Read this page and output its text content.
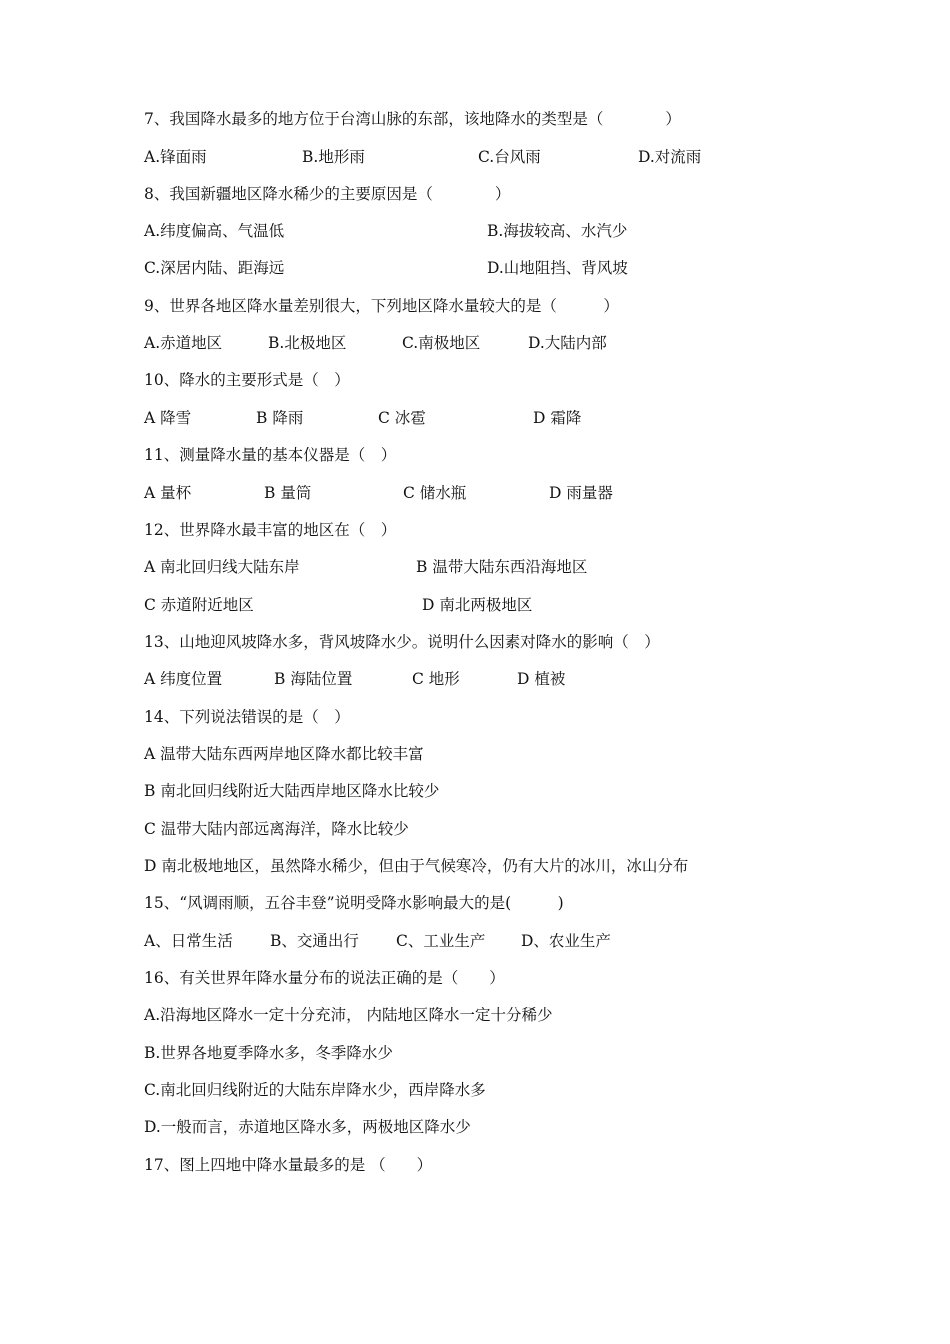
7、我国降水最多的地方位于台湾山脉的东部，该地降水的类型是（　　　　）
A.锋面雨	B.地形雨	C.台风雨	D.对流雨
8、我国新疆地区降水稀少的主要原因是（　　　　）
A.纬度偏高、气温低	B.海拔较高、水汽少
C.深居内陆、距海远	D.山地阻挡、背风坡
9、世界各地区降水量差别很大，下列地区降水量较大的是（　　　）
A.赤道地区	B.北极地区	C.南极地区	D.大陆内部
10、降水的主要形式是（　）
A 降雪	B 降雨	C 冰雹	D 霜降
11、测量降水量的基本仪器是（　）
A 量杯	B 量筒	C 储水瓶	D 雨量器
12、世界降水最丰富的地区在（　）
A 南北回归线大陆东岸	B 温带大陆东西沿海地区
C 赤道附近地区	D 南北两极地区
13、山地迎风坡降水多，背风坡降水少。说明什么因素对降水的影响（　）
A 纬度位置	B 海陆位置	C 地形	D 植被
14、下列说法错误的是（　）
A 温带大陆东西两岸地区降水都比较丰富
B 南北回归线附近大陆西岸地区降水比较少
C 温带大陆内部远离海洋，降水比较少
D 南北极地地区，虽然降水稀少，但由于气候寒冷，仍有大片的冰川，冰山分布
15、“风调雨顺，五谷丰登”说明受降水影响最大的是(　　　)
A、日常生活 B、交通出行 C、工业生产 D、农业生产
16、有关世界年降水量分布的说法正确的是（　　）
A.沿海地区降水一定十分充沛， 内陆地区降水一定十分稀少
B.世界各地夏季降水多，冬季降水少
C.南北回归线附近的大陆东岸降水少，西岸降水多
D.一般而言，赤道地区降水多，两极地区降水少
17、图上四地中降水量最多的是 （　　）
